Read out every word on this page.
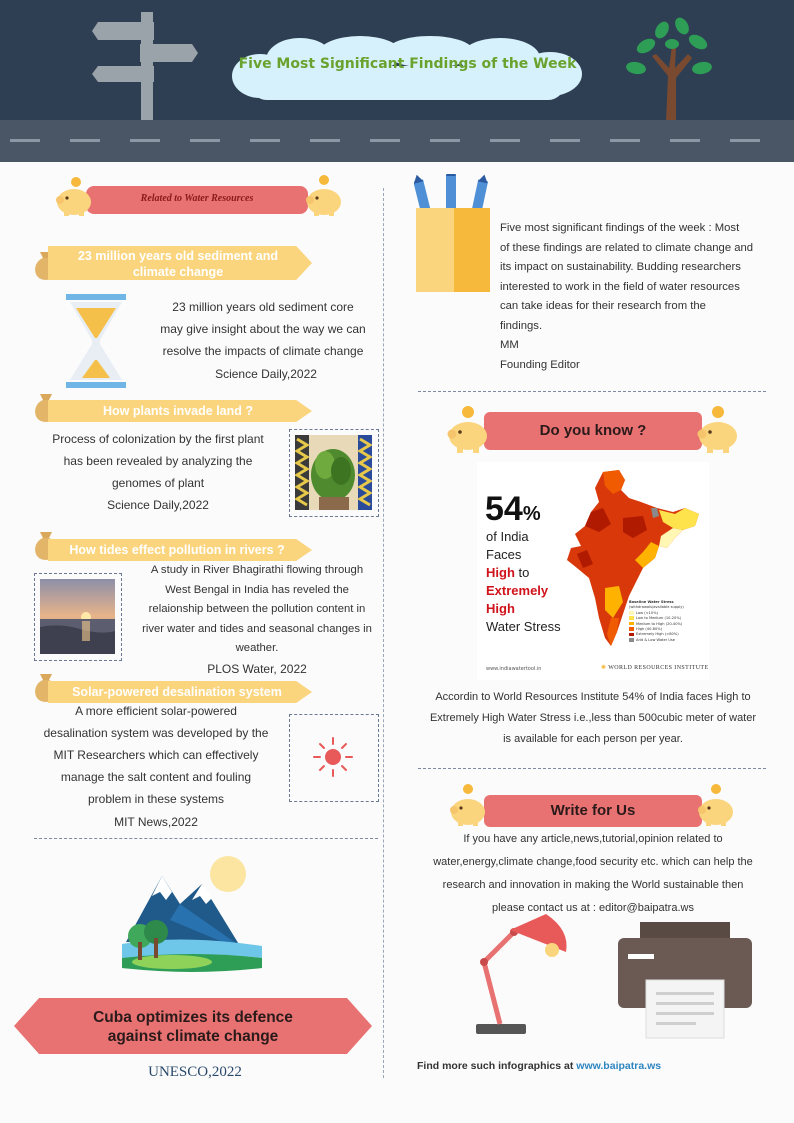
Five Most Significant Findings of the Week
Related to Water Resources
23 million years old sediment and
climate change
23 million years old sediment core
may give insight about the way we can
resolve the impacts of climate change
Science Daily,2022
How plants invade land ?
Process of colonization by the first plant
has been revealed by analyzing the
genomes of plant
Science Daily,2022
How tides effect pollution in rivers ?
A study in River Bhagirathi flowing through
West Bengal in India has reveled the
relaionship between the pollution content in
river water and tides and seasonal changes in
weather.
PLOS Water, 2022
Solar-powered desalination system
A more efficient solar-powered
desalination system was developed by the
MIT Researchers which can effectively
manage the salt content and fouling
problem in these systems
MIT News,2022
Cuba optimizes its defence
against climate change
UNESCO,2022
Five most significant findings of the week : Most
of these findings are related to climate change and
its impact on sustainability. Budding researchers
interested to work in the field of water resources
can take ideas for their research from the
findings.
MM
Founding Editor
Do you know ?
54%
of India
Faces
High to
Extremely
High
Water Stress
Baseline Water Stress
(withdrawals/available supply)
Low (<10%)
Low to Medium (10-20%)
Medium to High (20-40%)
High (40-80%)
Extremely High (>80%)
Arid & Low Water Use
www.indiawatertool.in	✺ WORLD RESOURCES INSTITUTE
Accordin to World Resources Institute 54% of India faces High to
Extremely High Water Stress i.e.,less than 500cubic meter of water
is available for each person per year.
Write for Us
If you have any article,news,tutorial,opinion related to
water,energy,climate change,food security etc. which can help the
research and innovation in making the World sustainable then
please contact us at : editor@baipatra.ws
Find more such infographics at www.baipatra.ws
